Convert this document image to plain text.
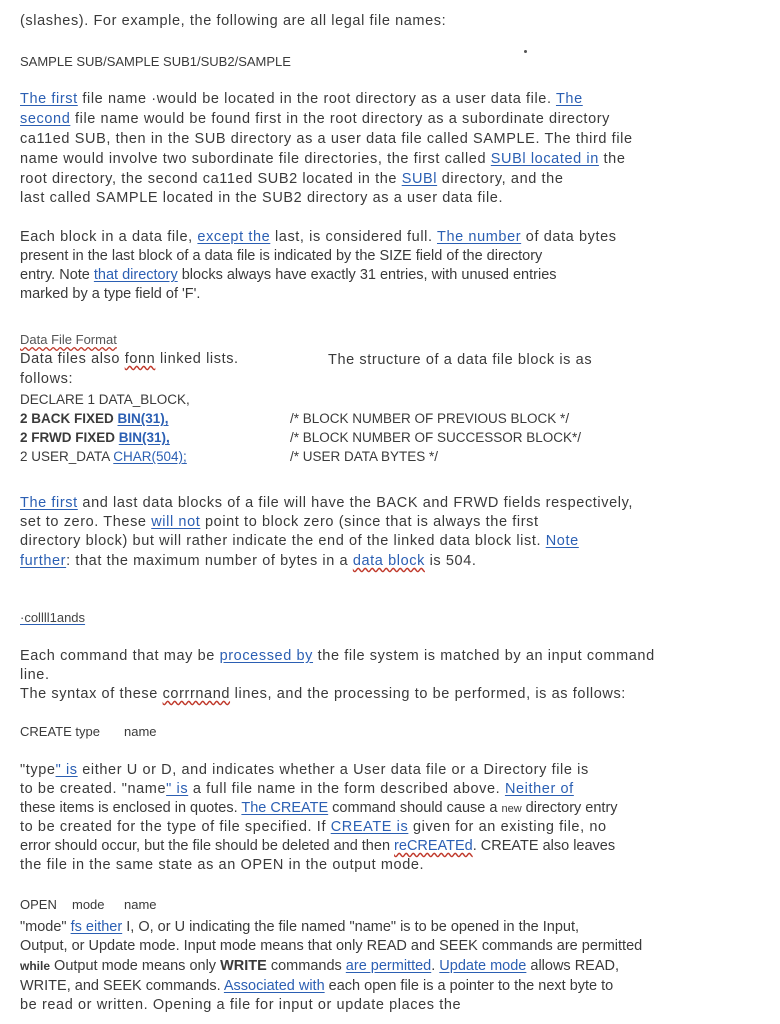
(slashes). For example, the following are all legal file names:
SAMPLE SUB/SAMPLE SUB1/SUB2/SAMPLE
The first file name ·would be located in the root directory as a user data file. The
second file name would be found first in the root directory as a subordinate directory
ca11ed SUB, then in the SUB directory as a user data file called SAMPLE. The third file
name would involve two subordinate file directories, the first called SUBl located in the
root directory, the second ca11ed SUB2 located in the SUBl directory, and the
last called SAMPLE located in the SUB2 directory as a user data file.
Each block in a data file, except the last, is considered full. The number of data bytes
present in the last block of a data file is indicated by the SIZE field of the directory
entry. Note that directory blocks always have exactly 31 entries, with unused entries
marked by a type field of 'F'.
Data File Format
Data files also fonn linked lists.	The structure of a data file block is as
follows:
DECLARE 1 DATA_BLOCK,
2 BACK FIXED BIN(31),	/* BLOCK NUMBER OF PREVIOUS BLOCK */
2 FRWD FIXED BIN(31),	/* BLOCK NUMBER OF SUCCESSOR BLOCK*/
2 USER_DATA CHAR(504);	/* USER DATA BYTES */
The first and last data blocks of a file will have the BACK and FRWD fields respectively,
set to zero. These will not point to block zero (since that is always the first
directory block) but will rather indicate the end of the linked data block list. Note
further: that the maximum number of bytes in a data block is 504.
·collll1ands
Each command that may be processed by the file system is matched by an input command
line.
The syntax of these corrrnand lines, and the processing to be performed, is as follows:
CREATE type name
"type" is either U or D, and indicates whether a User data file or a Directory file is
to be created. "name" is a full file name in the form described above. Neither of
these items is enclosed in quotes. The CREATE command should cause a new directory entry
to be created for the type of file specified. If CREATE is given for an existing file, no
error should occur, but the file should be deleted and then reCREATEd. CREATE also leaves
the file in the same state as an OPEN in the output mode.
OPEN mode name
"mode" fs either I, O, or U indicating the file named "name" is to be opened in the Input,
Output, or Update mode. Input mode means that only READ and SEEK commands are permitted
while Output mode means only WRITE commands are permitted. Update mode allows READ,
WRITE, and SEEK commands. Associated with each open file is a pointer to the next byte to
be read or written. Opening a file for input or update places the
